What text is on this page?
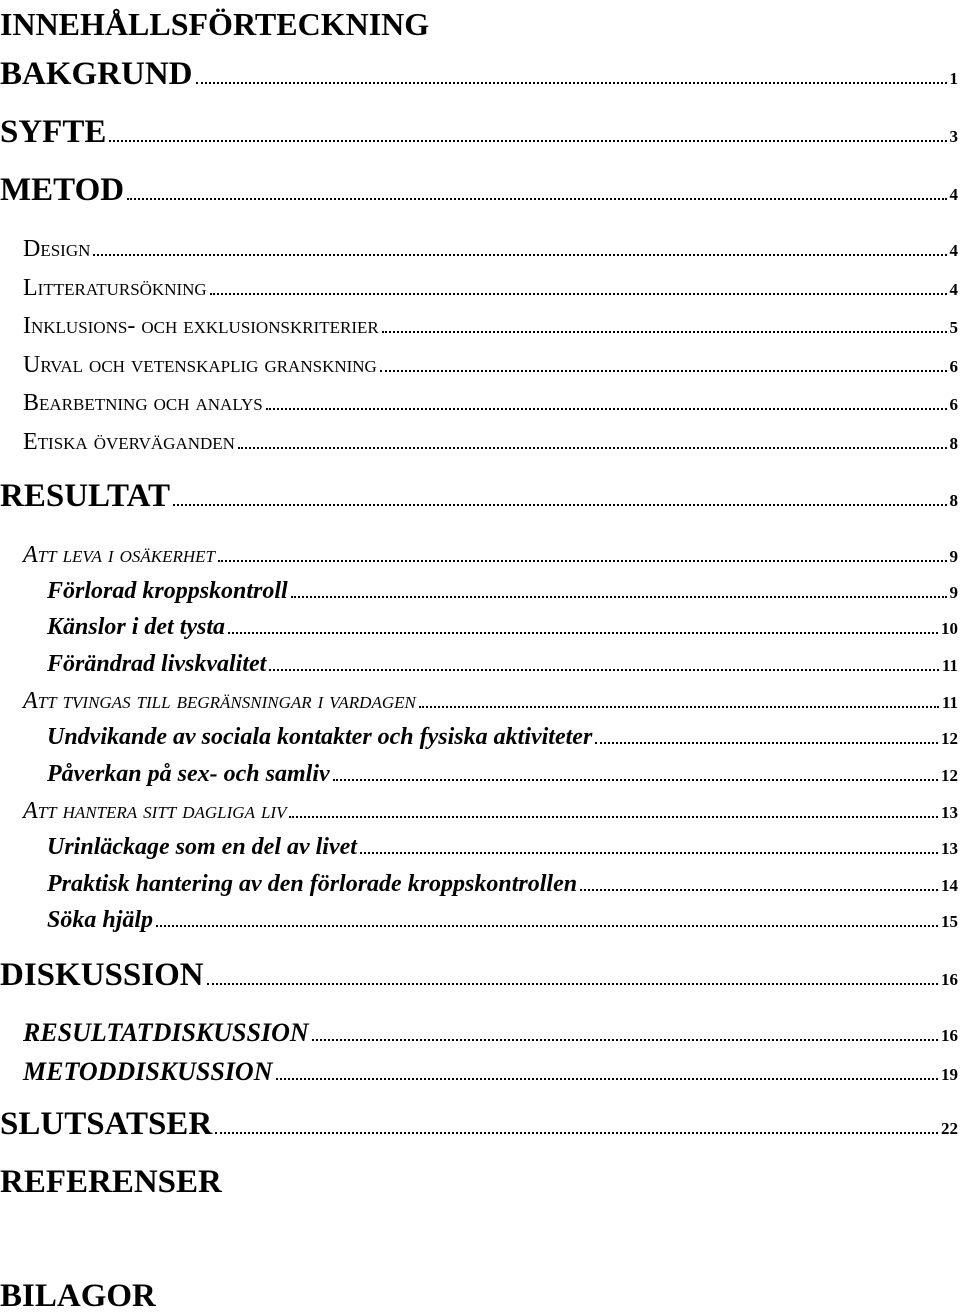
INNEHÅLLSFÖRTECKNING
BAKGRUND	1
SYFTE	3
METOD	4
Design	4
Litteratursökning	4
Inklusions- och exklusionskriterier	5
Urval och vetenskaplig granskning	6
Bearbetning och analys	6
Etiska överväganden	8
RESULTAT	8
Att leva i osäkerhet	9
Förlorad kroppskontroll	9
Känslor i det tysta	10
Förändrad livskvalitet	11
Att tvingas till begränsningar i vardagen	11
Undvikande av sociala kontakter och fysiska aktiviteter	12
Påverkan på sex- och samliv	12
Att hantera sitt dagliga liv	13
Urinläckage som en del av livet	13
Praktisk hantering av den förlorade kroppskontrollen	14
Söka hjälp	15
DISKUSSION	16
RESULTATDISKUSSION	16
METODDISKUSSION	19
SLUTSATSER	22
REFERENSER
BILAGOR
